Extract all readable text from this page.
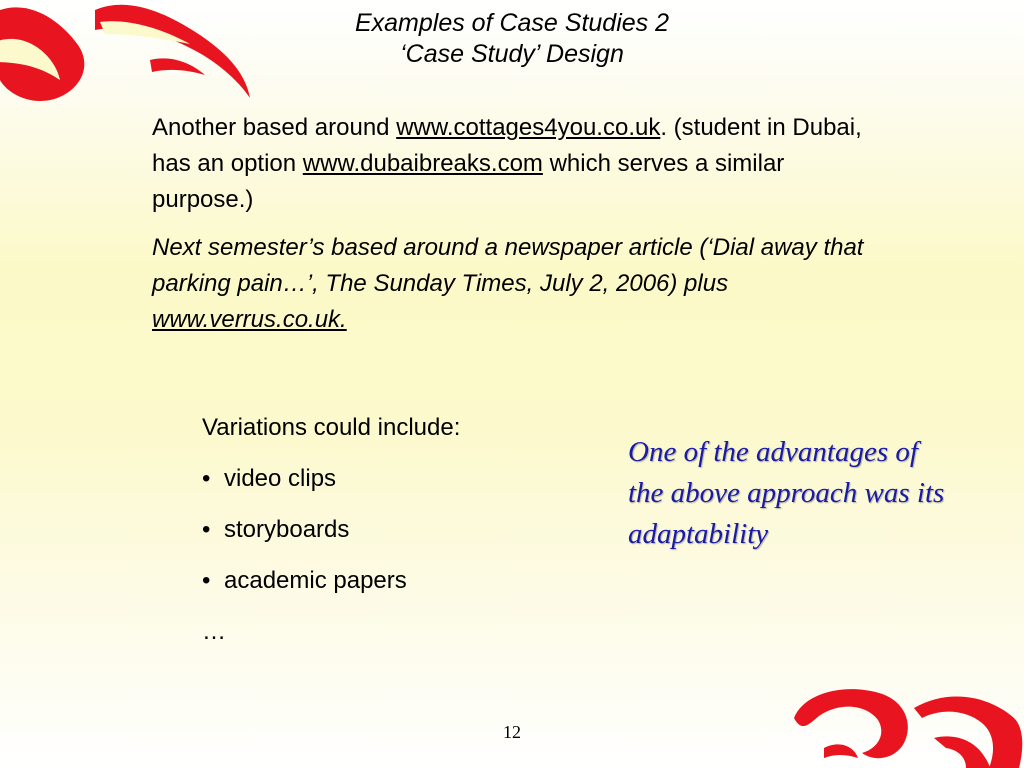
Examples of Case Studies 2
‘Case Study’ Design

Another based around www.cottages4you.co.uk. (student in Dubai, has an option www.dubaibreaks.com which serves a similar purpose.)

Next semester’s based around a newspaper article (‘Dial away that parking pain…’, The Sunday Times, July 2, 2006) plus www.verrus.co.uk.

Variations could include:
• video clips
• storyboards
• academic papers
…
One of the advantages of the above approach was its adaptability
12
